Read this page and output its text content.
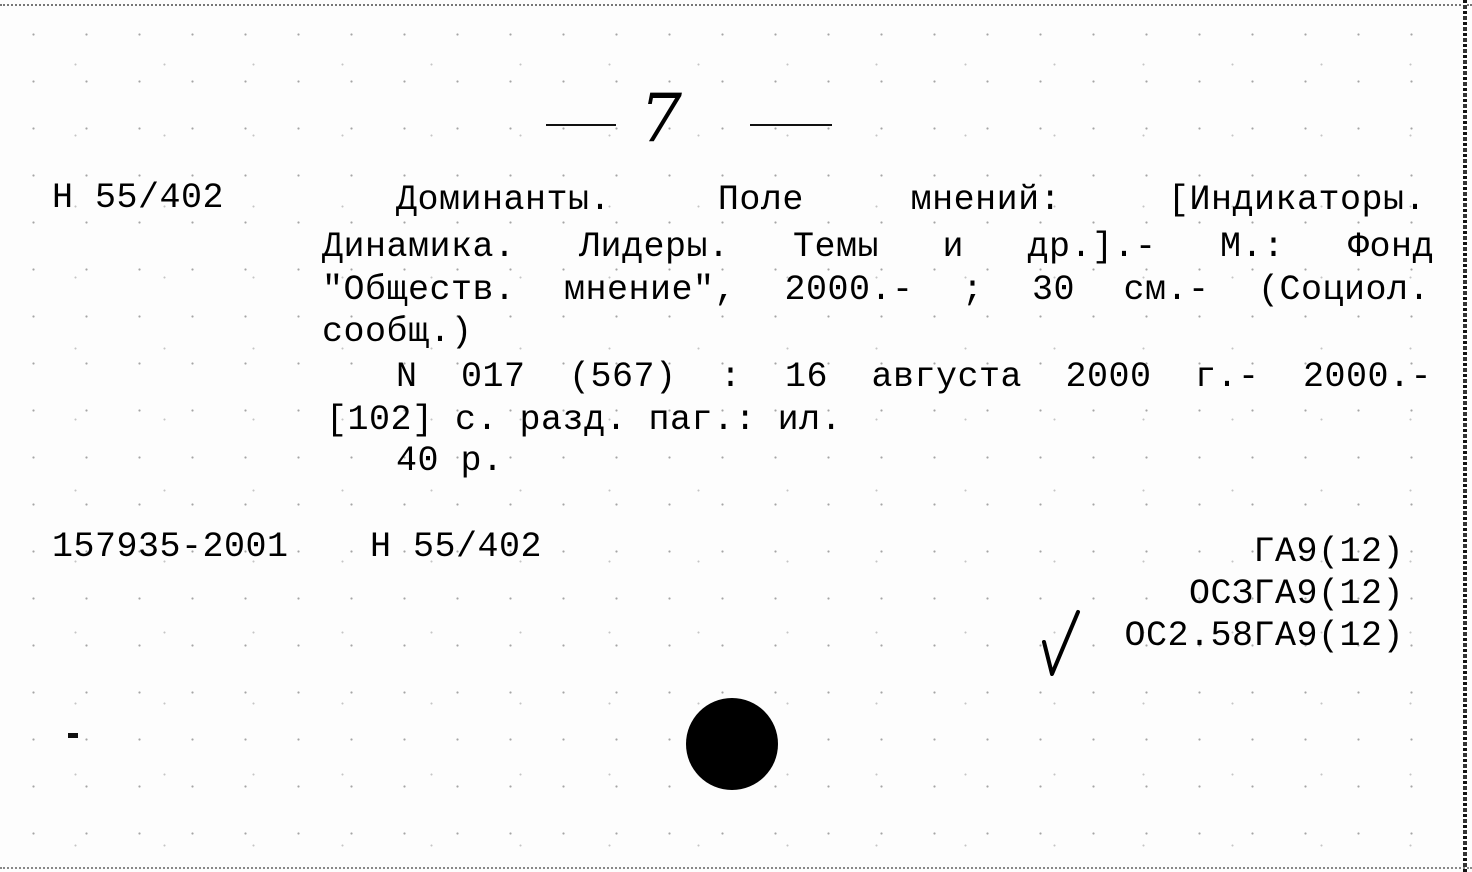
7
Н 55/402	Доминанты. Поле мнений: [Индикаторы.
Динамика. Лидеры. Темы и др.].- М.: Фонд
"Обществ. мнение", 2000.- ; 30 см.- (Социол.
сообщ.)
N 017 (567) : 16 августа 2000 г.- 2000.-
[102] с. разд. паг.: ил.
40 р.
157935-2001 Н 55/402	ГА9(12)
ОСЗГА9(12)
ОС2.58ГА9(12)
